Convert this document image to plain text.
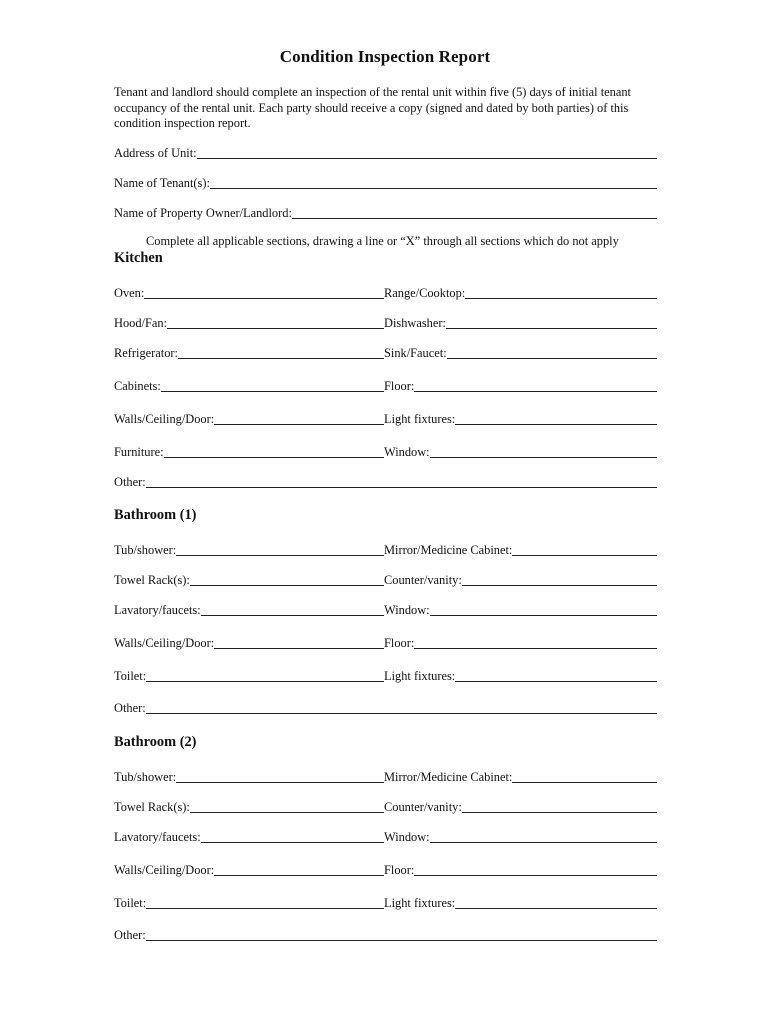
Condition Inspection Report
Tenant and landlord should complete an inspection of the rental unit within five (5) days of initial tenant occupancy of the rental unit. Each party should receive a copy (signed and dated by both parties) of this condition inspection report.
Address of Unit:
Name of Tenant(s):
Name of Property Owner/Landlord:
Complete all applicable sections, drawing a line or “X” through all sections which do not apply
Kitchen
Oven:	Range/Cooktop:
Hood/Fan:	Dishwasher:
Refrigerator:	Sink/Faucet:
Cabinets:	Floor:
Walls/Ceiling/Door:	Light fixtures:
Furniture:	Window:
Other:
Bathroom (1)
Tub/shower:	Mirror/Medicine Cabinet:
Towel Rack(s):	Counter/vanity:
Lavatory/faucets:	Window:
Walls/Ceiling/Door:	Floor:
Toilet:	Light fixtures:
Other:
Bathroom (2)
Tub/shower:	Mirror/Medicine Cabinet:
Towel Rack(s):	Counter/vanity:
Lavatory/faucets:	Window:
Walls/Ceiling/Door:	Floor:
Toilet:	Light fixtures:
Other:
